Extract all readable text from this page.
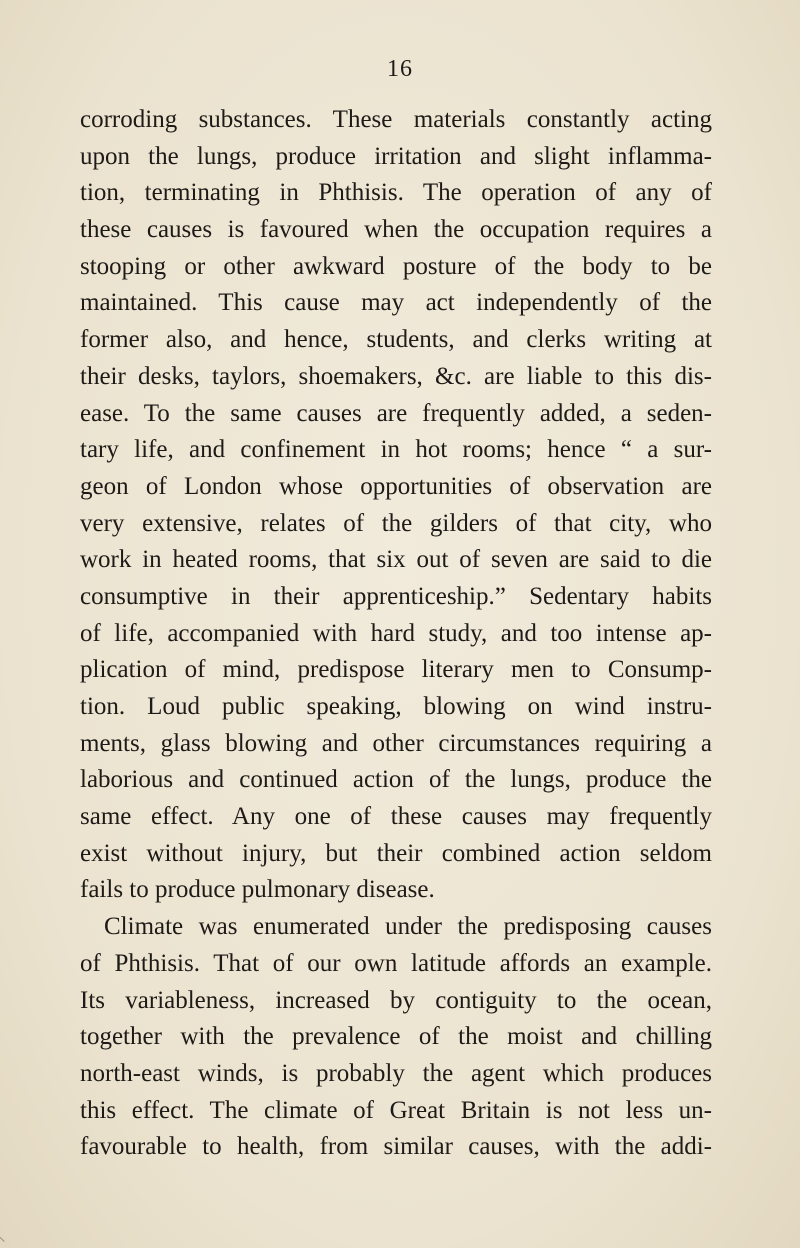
16
corroding substances. These materials constantly acting
upon the lungs, produce irritation and slight inflamma-
tion, terminating in Phthisis. The operation of any of
these causes is favoured when the occupation requires a
stooping or other awkward posture of the body to be
maintained. This cause may act independently of the
former also, and hence, students, and clerks writing at
their desks, taylors, shoemakers, &c. are liable to this dis-
ease. To the same causes are frequently added, a seden-
tary life, and confinement in hot rooms; hence “ a sur-
geon of London whose opportunities of observation are
very extensive, relates of the gilders of that city, who
work in heated rooms, that six out of seven are said to die
consumptive in their apprenticeship.” Sedentary habits
of life, accompanied with hard study, and too intense ap-
plication of mind, predispose literary men to Consump-
tion. Loud public speaking, blowing on wind instru-
ments, glass blowing and other circumstances requiring a
laborious and continued action of the lungs, produce the
same effect. Any one of these causes may frequently
exist without injury, but their combined action seldom
fails to produce pulmonary disease.
Climate was enumerated under the predisposing causes
of Phthisis. That of our own latitude affords an example.
Its variableness, increased by contiguity to the ocean,
together with the prevalence of the moist and chilling
north-east winds, is probably the agent which produces
this effect. The climate of Great Britain is not less un-
favourable to health, from similar causes, with the addi-
